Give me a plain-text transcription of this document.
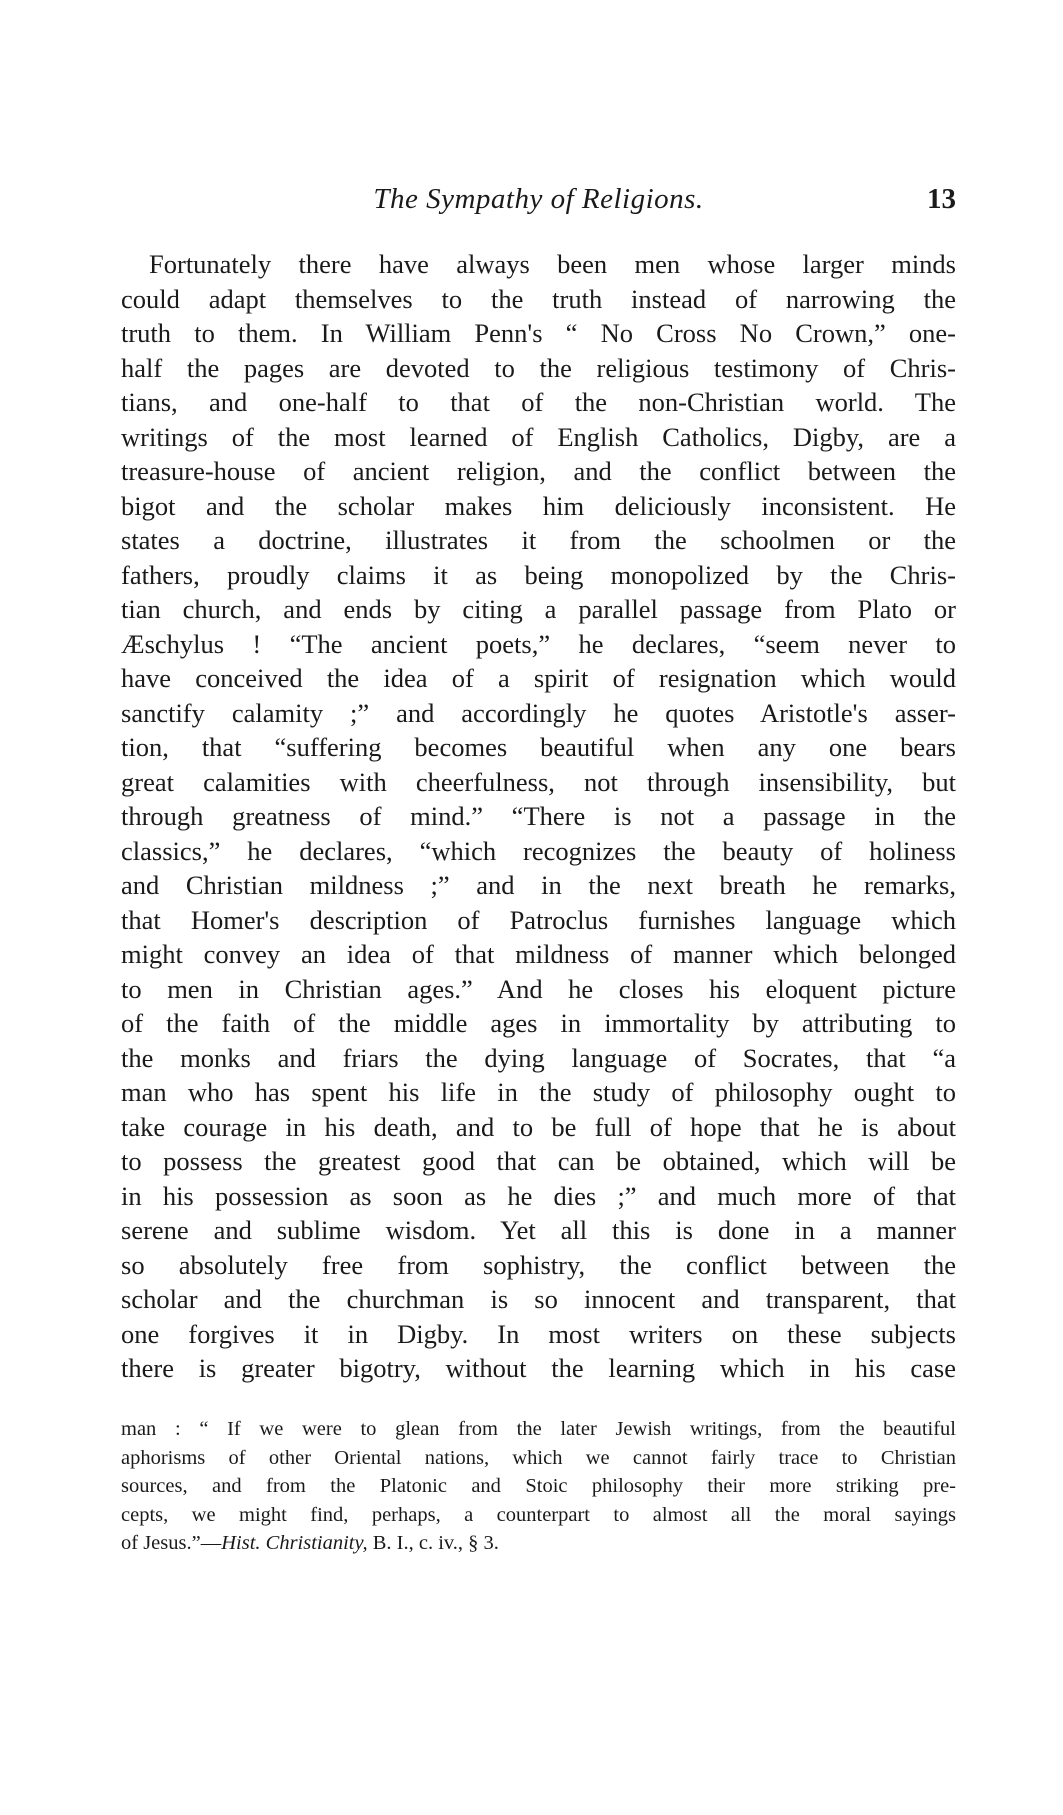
The Sympathy of Religions.	13
Fortunately there have always been men whose larger minds
could adapt themselves to the truth instead of narrowing the
truth to them. In William Penn's “ No Cross No Crown,” one-
half the pages are devoted to the religious testimony of Chris-
tians, and one-half to that of the non-Christian world. The
writings of the most learned of English Catholics, Digby, are a
treasure-house of ancient religion, and the conflict between the
bigot and the scholar makes him deliciously inconsistent. He
states a doctrine, illustrates it from the schoolmen or the
fathers, proudly claims it as being monopolized by the Chris-
tian church, and ends by citing a parallel passage from Plato or
Æschylus ! “The ancient poets,” he declares, “seem never to
have conceived the idea of a spirit of resignation which would
sanctify calamity ;” and accordingly he quotes Aristotle's asser-
tion, that “suffering becomes beautiful when any one bears
great calamities with cheerfulness, not through insensibility, but
through greatness of mind.” “There is not a passage in the
classics,” he declares, “which recognizes the beauty of holiness
and Christian mildness ;” and in the next breath he remarks,
that Homer's description of Patroclus furnishes language which
might convey an idea of that mildness of manner which belonged
to men in Christian ages.” And he closes his eloquent picture
of the faith of the middle ages in immortality by attributing to
the monks and friars the dying language of Socrates, that “a
man who has spent his life in the study of philosophy ought to
take courage in his death, and to be full of hope that he is about
to possess the greatest good that can be obtained, which will be
in his possession as soon as he dies ;” and much more of that
serene and sublime wisdom. Yet all this is done in a manner
so absolutely free from sophistry, the conflict between the
scholar and the churchman is so innocent and transparent, that
one forgives it in Digby. In most writers on these subjects
there is greater bigotry, without the learning which in his case
man : “ If we were to glean from the later Jewish writings, from the beautiful
aphorisms of other Oriental nations, which we cannot fairly trace to Christian
sources, and from the Platonic and Stoic philosophy their more striking pre-
cepts, we might find, perhaps, a counterpart to almost all the moral sayings
of Jesus.”—Hist. Christianity, B. I., c. iv., § 3.
